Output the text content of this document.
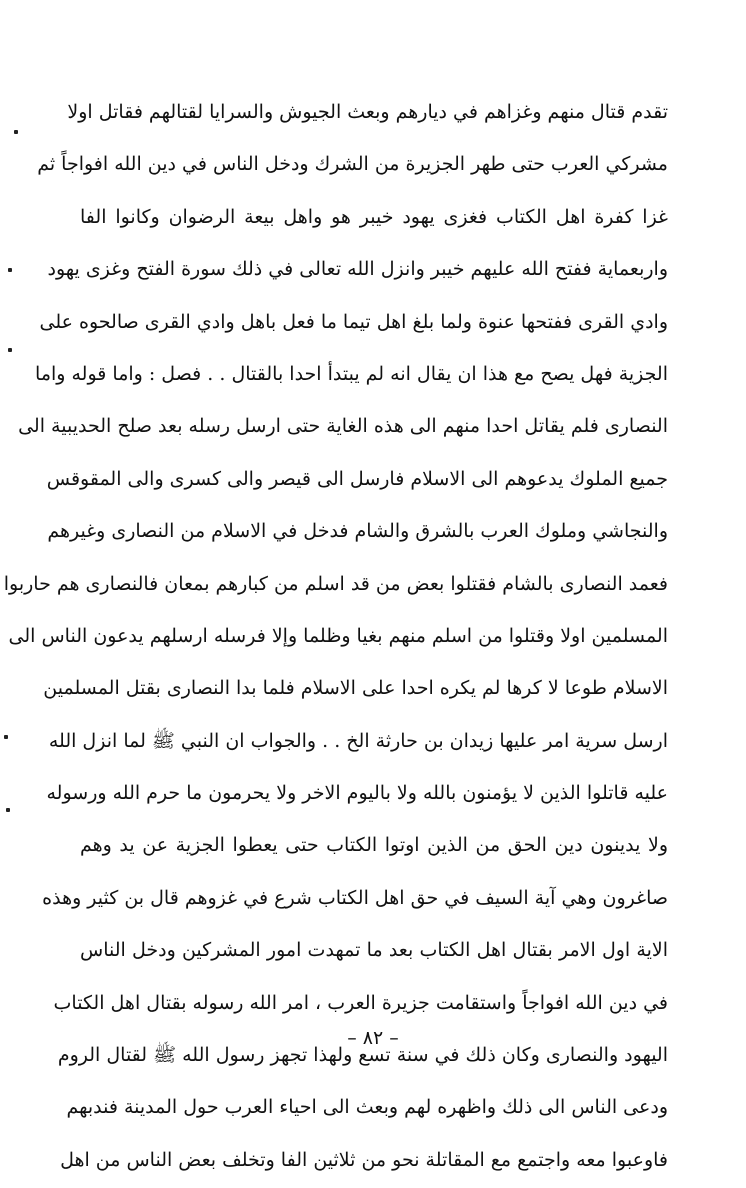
تقدم قتال منهم وغزاهم في ديارهم وبعث الجيوش والسرايا لقتالهم فقاتل اولا
مشركي العرب حتى طهر الجزيرة من الشرك ودخل الناس في دين الله افواجاً ثم
غزا كفرة اهل الكتاب فغزى يهود خيبر هو واهل بيعة الرضوان وكانوا الفا
واربعماية ففتح الله عليهم خيبر وانزل الله تعالى في ذلك سورة الفتح وغزى يهود
وادي القرى ففتحها عنوة ولما بلغ اهل تيما ما فعل باهل وادي القرى صالحوه على
الجزية فهل يصح مع هذا ان يقال انه لم يبتدأ احدا بالقتال . . فصل : واما قوله واما
النصارى فلم يقاتل احدا منهم الى هذه الغاية حتى ارسل رسله بعد صلح الحديبية الى
جميع الملوك يدعوهم الى الاسلام فارسل الى قيصر والى كسرى والى المقوقس
والنجاشي وملوك العرب بالشرق والشام فدخل في الاسلام من النصارى وغيرهم
فعمد النصارى بالشام فقتلوا بعض من قد اسلم من كبارهم بمعان فالنصارى هم حاربوا
المسلمين اولا وقتلوا من اسلم منهم بغيا وظلما وإلا فرسله ارسلهم يدعون الناس الى
الاسلام طوعا لا كرها لم يكره احدا على الاسلام فلما بدا النصارى بقتل المسلمين
ارسل سرية امر عليها زيدان بن حارثة الخ . . والجواب ان النبي ﷺ لما انزل الله
عليه قاتلوا الذين لا يؤمنون بالله ولا باليوم الاخر ولا يحرمون ما حرم الله ورسوله
ولا يدينون دين الحق من الذين اوتوا الكتاب حتى يعطوا الجزية عن يد وهم
صاغرون وهي آية السيف في حق اهل الكتاب شرع في غزوهم قال بن كثير وهذه
الاية اول الامر بقتال اهل الكتاب بعد ما تمهدت امور المشركين ودخل الناس
في دين الله افواجاً واستقامت جزيرة العرب ، امر الله رسوله بقتال اهل الكتاب
اليهود والنصارى وكان ذلك في سنة تسع ولهذا تجهز رسول الله ﷺ لقتال الروم
ودعى الناس الى ذلك واظهره لهم وبعث الى احياء العرب حول المدينة فندبهم
فاوعبوا معه واجتمع مع المقاتلة نحو من ثلاثين الفا وتخلف بعض الناس من اهل
– ٨٢ –
